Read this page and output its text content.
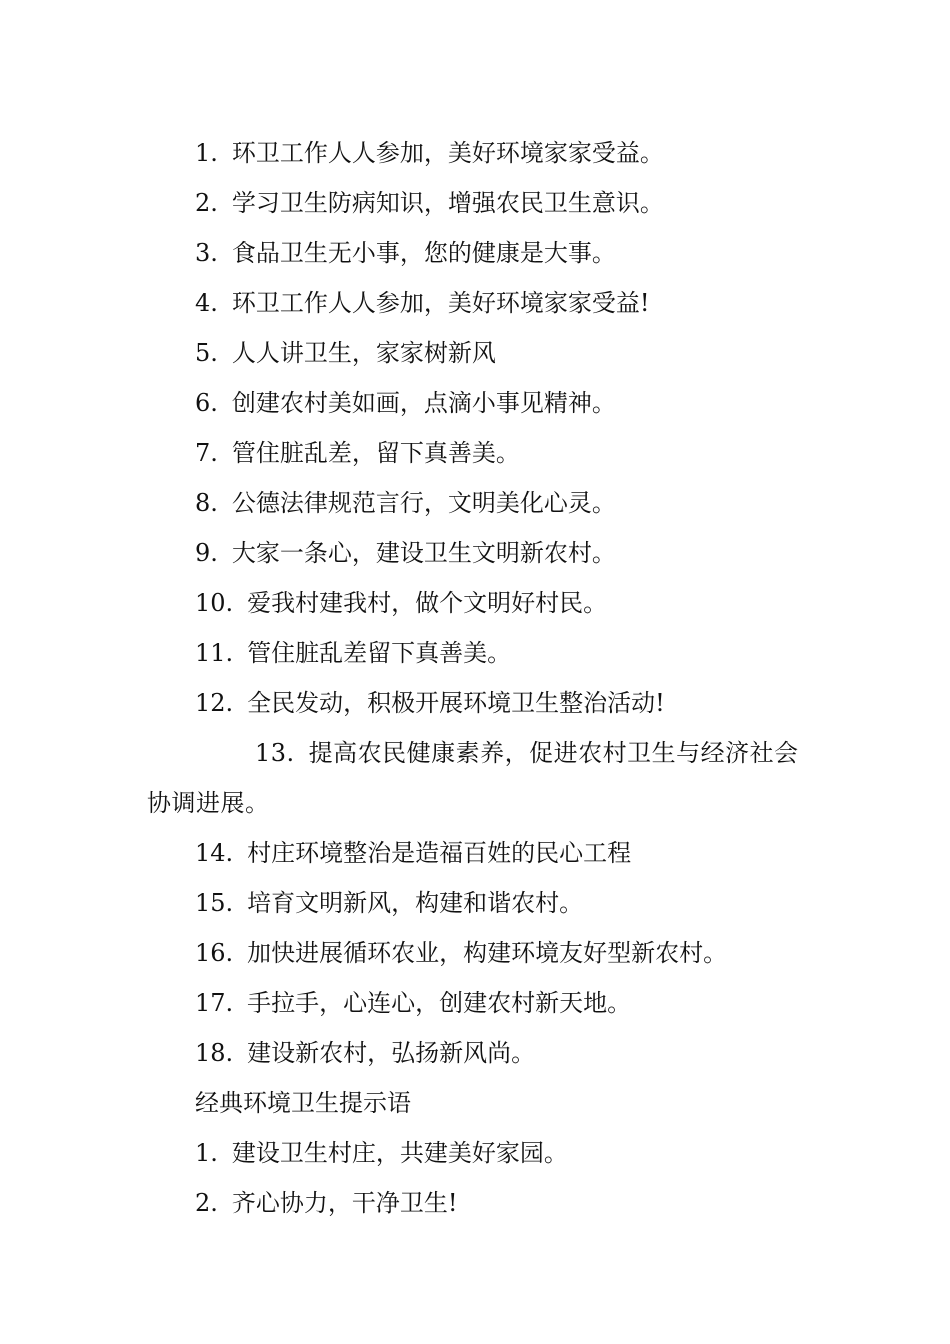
1. 环卫工作人人参加，美好环境家家受益。
2. 学习卫生防病知识，增强农民卫生意识。
3. 食品卫生无小事，您的健康是大事。
4. 环卫工作人人参加，美好环境家家受益!
5. 人人讲卫生，家家树新风
6. 创建农村美如画，点滴小事见精神。
7. 管住脏乱差，留下真善美。
8. 公德法律规范言行，文明美化心灵。
9. 大家一条心，建设卫生文明新农村。
10. 爱我村建我村，做个文明好村民。
11. 管住脏乱差留下真善美。
12. 全民发动，积极开展环境卫生整治活动!
13. 提高农民健康素养，促进农村卫生与经济社会协调进展。
14. 村庄环境整治是造福百姓的民心工程
15. 培育文明新风，构建和谐农村。
16. 加快进展循环农业，构建环境友好型新农村。
17. 手拉手，心连心，创建农村新天地。
18. 建设新农村，弘扬新风尚。
经典环境卫生提示语
1. 建设卫生村庄，共建美好家园。
2. 齐心协力，干净卫生!
